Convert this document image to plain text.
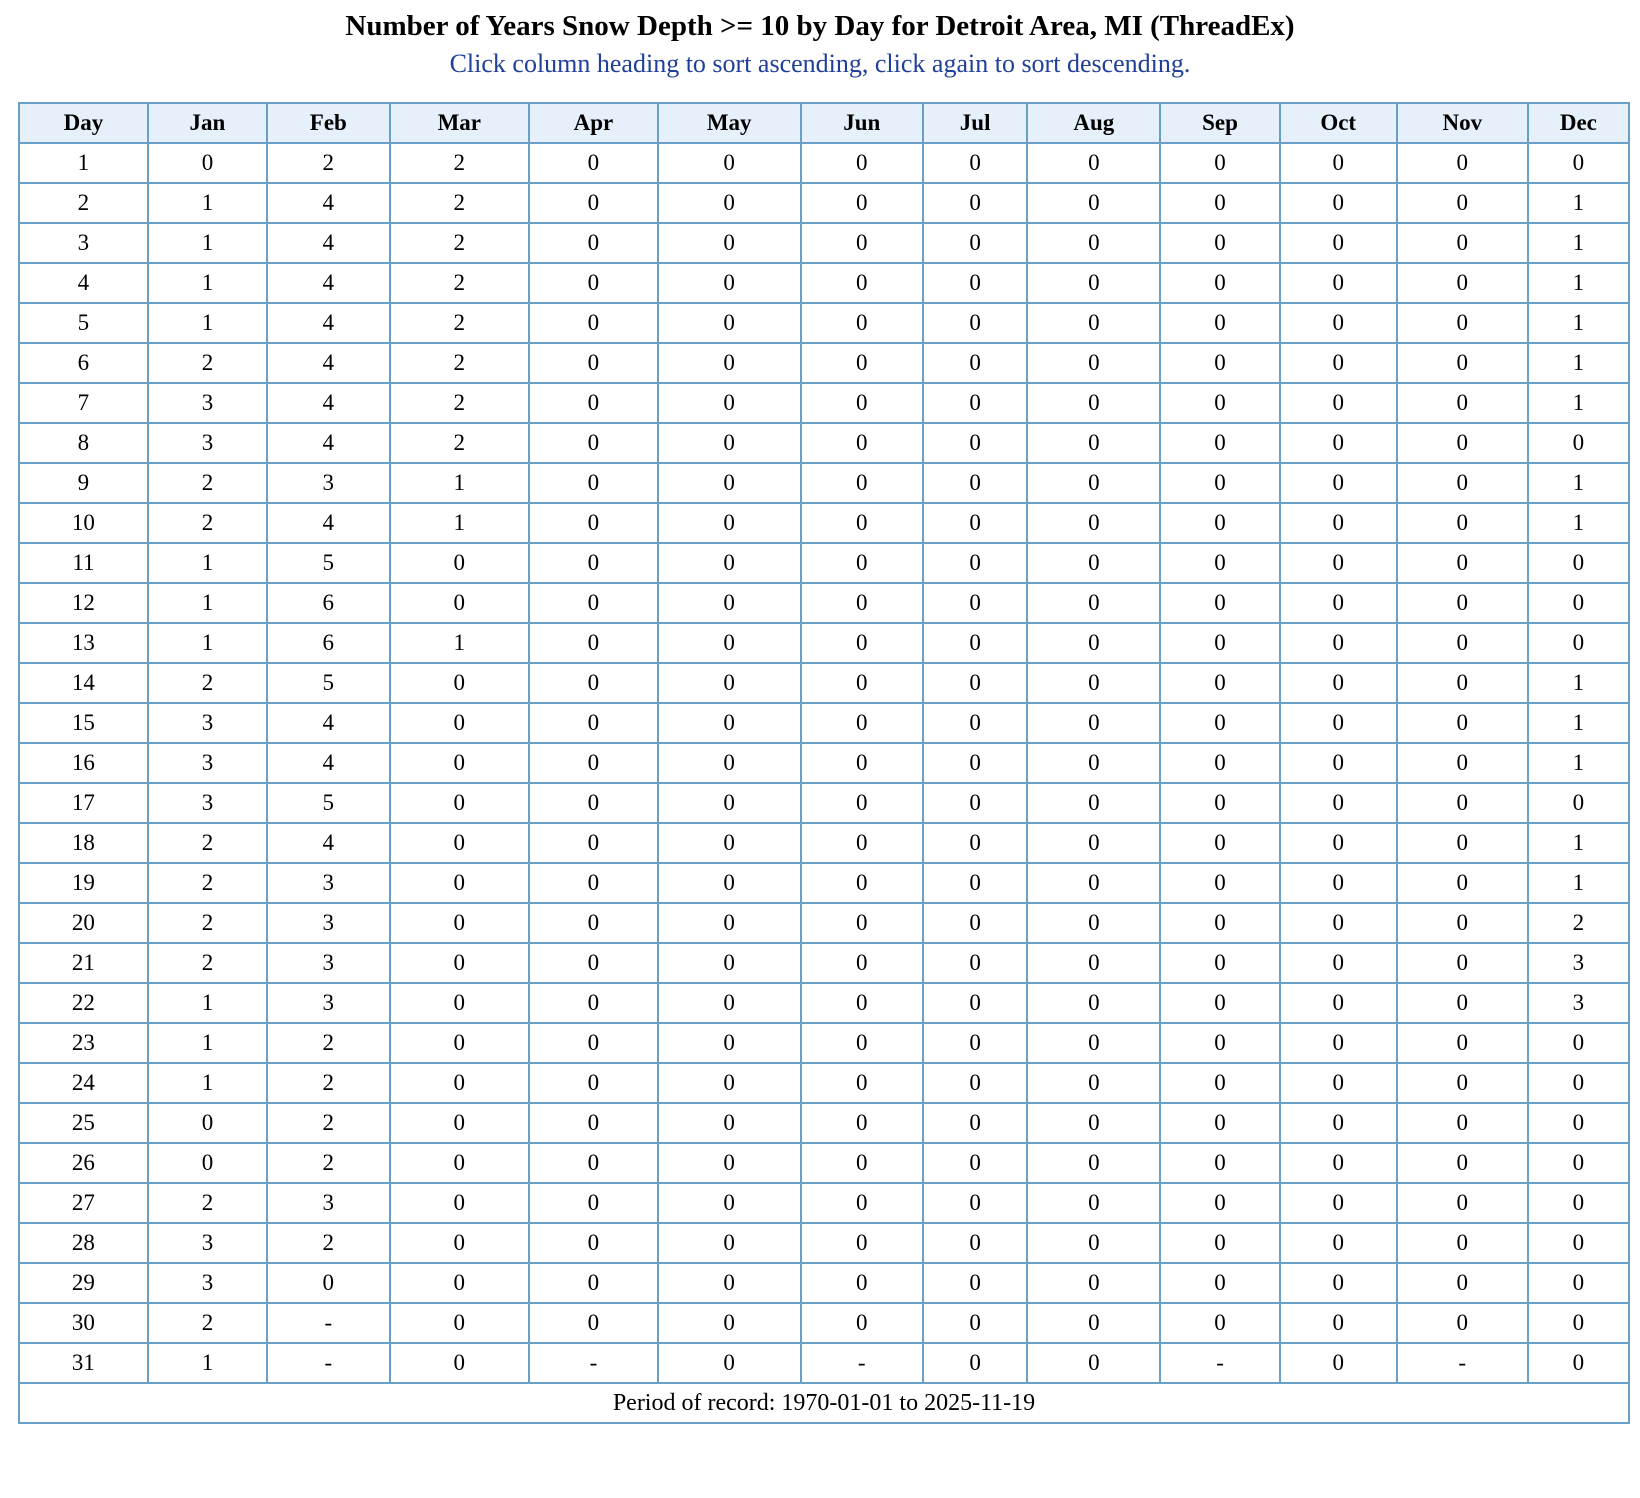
Number of Years Snow Depth >= 10 by Day for Detroit Area, MI (ThreadEx)

Click column heading to sort ascending, click again to sort descending.

Day	Jan	Feb	Mar	Apr	May	Jun	Jul	Aug	Sep	Oct	Nov	Dec
1	0	2	2	0	0	0	0	0	0	0	0	0
2	1	4	2	0	0	0	0	0	0	0	0	1
3	1	4	2	0	0	0	0	0	0	0	0	1
4	1	4	2	0	0	0	0	0	0	0	0	1
5	1	4	2	0	0	0	0	0	0	0	0	1
6	2	4	2	0	0	0	0	0	0	0	0	1
7	3	4	2	0	0	0	0	0	0	0	0	1
8	3	4	2	0	0	0	0	0	0	0	0	0
9	2	3	1	0	0	0	0	0	0	0	0	1
10	2	4	1	0	0	0	0	0	0	0	0	1
11	1	5	0	0	0	0	0	0	0	0	0	0
12	1	6	0	0	0	0	0	0	0	0	0	0
13	1	6	1	0	0	0	0	0	0	0	0	0
14	2	5	0	0	0	0	0	0	0	0	0	1
15	3	4	0	0	0	0	0	0	0	0	0	1
16	3	4	0	0	0	0	0	0	0	0	0	1
17	3	5	0	0	0	0	0	0	0	0	0	0
18	2	4	0	0	0	0	0	0	0	0	0	1
19	2	3	0	0	0	0	0	0	0	0	0	1
20	2	3	0	0	0	0	0	0	0	0	0	2
21	2	3	0	0	0	0	0	0	0	0	0	3
22	1	3	0	0	0	0	0	0	0	0	0	3
23	1	2	0	0	0	0	0	0	0	0	0	0
24	1	2	0	0	0	0	0	0	0	0	0	0
25	0	2	0	0	0	0	0	0	0	0	0	0
26	0	2	0	0	0	0	0	0	0	0	0	0
27	2	3	0	0	0	0	0	0	0	0	0	0
28	3	2	0	0	0	0	0	0	0	0	0	0
29	3	0	0	0	0	0	0	0	0	0	0	0
30	2	-	0	0	0	0	0	0	0	0	0	0
31	1	-	0	-	0	-	0	0	-	0	-	0
Period of record: 1970-01-01 to 2025-11-19												
